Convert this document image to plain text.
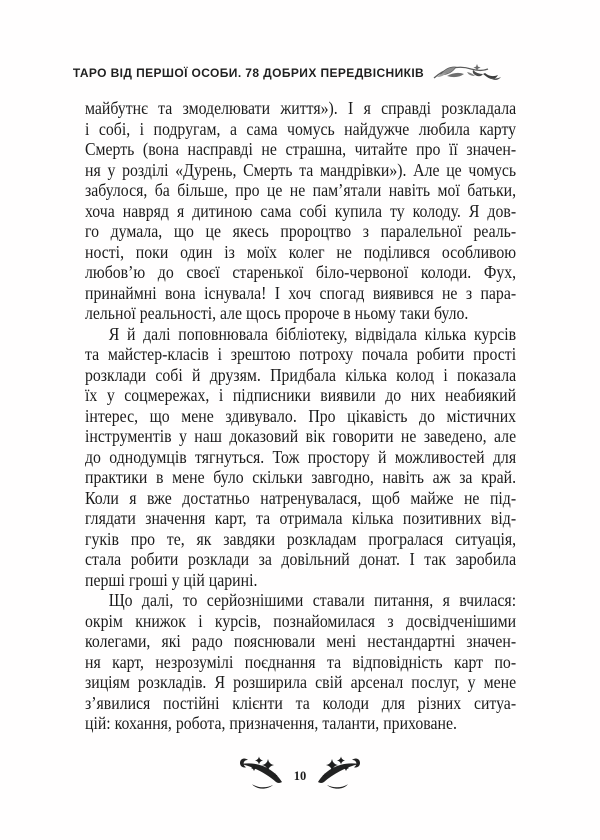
ТАРО ВІД ПЕРШОЇ ОСОБИ. 78 ДОБРИХ ПЕРЕДВІСНИКІВ
майбутнє та змоделювати життя»). І я справді розкладала
і собі, і подругам, а сама чомусь найдужче любила карту
Смерть (вона насправді не страшна, читайте про її значен-
ня у розділі «Дурень, Смерть та мандрівки»). Але це чомусь
забулося, ба більше, про це не пам’ятали навіть мої батьки,
хоча навряд я дитиною сама собі купила ту колоду. Я дов-
го думала, що це якесь пророцтво з паралельної реаль-
ності, поки один із моїх колег не поділився особливою
любов’ю до своєї старенької біло-червоної колоди. Фух,
принаймні вона існувала! І хоч спогад виявився не з пара-
лельної реальності, але щось пророче в ньому таки було.
Я й далі поповнювала бібліотеку, відвідала кілька курсів
та майстер-класів і зрештою потроху почала робити прості
розклади собі й друзям. Придбала кілька колод і показала
їх у соцмережах, і підписники виявили до них неабиякий
інтерес, що мене здивувало. Про цікавість до містичних
інструментів у наш доказовий вік говорити не заведено, але
до однодумців тягнуться. Тож простору й можливостей для
практики в мене було скільки завгодно, навіть аж за край.
Коли я вже достатньо натренувалася, щоб майже не під-
глядати значення карт, та отримала кілька позитивних від-
гуків про те, як завдяки розкладам програлася ситуація,
стала робити розклади за довільний донат. І так заробила
перші гроші у цій царині.
Що далі, то серйознішими ставали питання, я вчилася:
окрім книжок і курсів, познайомилася з досвідченішими
колегами, які радо пояснювали мені нестандартні значен-
ня карт, незрозумілі поєднання та відповідність карт по-
зиціям розкладів. Я розширила свій арсенал послуг, у мене
з’явилися постійні клієнти та колоди для різних ситуа-
цій: кохання, робота, призначення, таланти, приховане.
10
